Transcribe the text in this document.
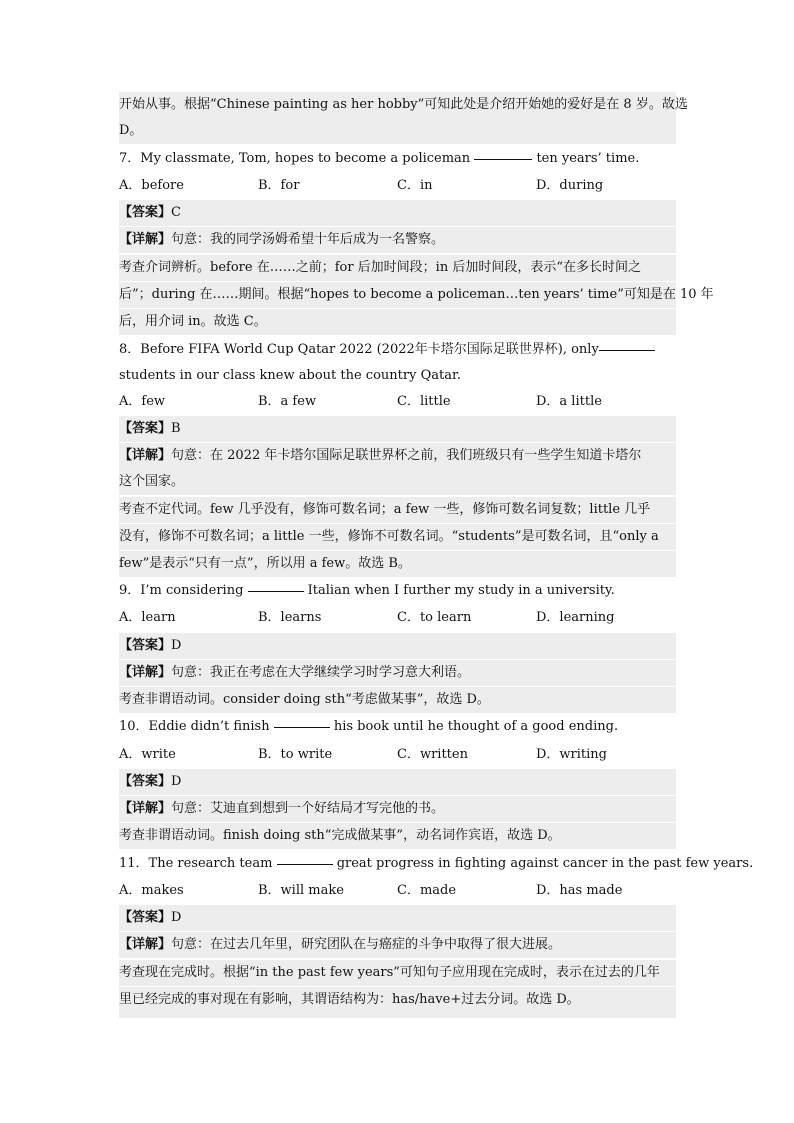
开始从事。根据“Chinese painting as her hobby”可知此处是介绍开始她的爱好是在 8 岁。故选
D。
7．My classmate, Tom, hopes to become a policeman	ten years’ time.
A．before	B．for	C．in	D．during
【答案】C
【详解】句意：我的同学汤姆希望十年后成为一名警察。
考查介词辨析。before 在……之前；for 后加时间段；in 后加时间段，表示“在多长时间之
后”；during 在……期间。根据“hopes to become a policeman…ten years’ time”可知是在 10 年
后，用介词 in。故选 C。
8．Before FIFA World Cup Qatar 2022 (2022年卡塔尔国际足联世界杯), only
students in our class knew about the country Qatar.
A．few	B．a few	C．little	D．a little
【答案】B
【详解】句意：在 2022 年卡塔尔国际足联世界杯之前，我们班级只有一些学生知道卡塔尔
这个国家。
考查不定代词。few 几乎没有，修饰可数名词；a few 一些，修饰可数名词复数；little 几乎
没有，修饰不可数名词；a little 一些，修饰不可数名词。“students”是可数名词，且“only a
few”是表示“只有一点”，所以用 a few。故选 B。
9．I’m considering	Italian when I further my study in a university.
A．learn	B．learns	C．to learn	D．learning
【答案】D
【详解】句意：我正在考虑在大学继续学习时学习意大利语。
考查非谓语动词。consider doing sth“考虑做某事”，故选 D。
10．Eddie didn’t finish	his book until he thought of a good ending.
A．write	B．to write	C．written	D．writing
【答案】D
【详解】句意：艾迪直到想到一个好结局才写完他的书。
考查非谓语动词。finish doing sth“完成做某事”，动名词作宾语，故选 D。
11．The research team	great progress in fighting against cancer in the past few years.
A．makes	B．will make	C．made	D．has made
【答案】D
【详解】句意：在过去几年里，研究团队在与癌症的斗争中取得了很大进展。
考查现在完成时。根据“in the past few years”可知句子应用现在完成时，表示在过去的几年
里已经完成的事对现在有影响，其谓语结构为：has/have+过去分词。故选 D。
